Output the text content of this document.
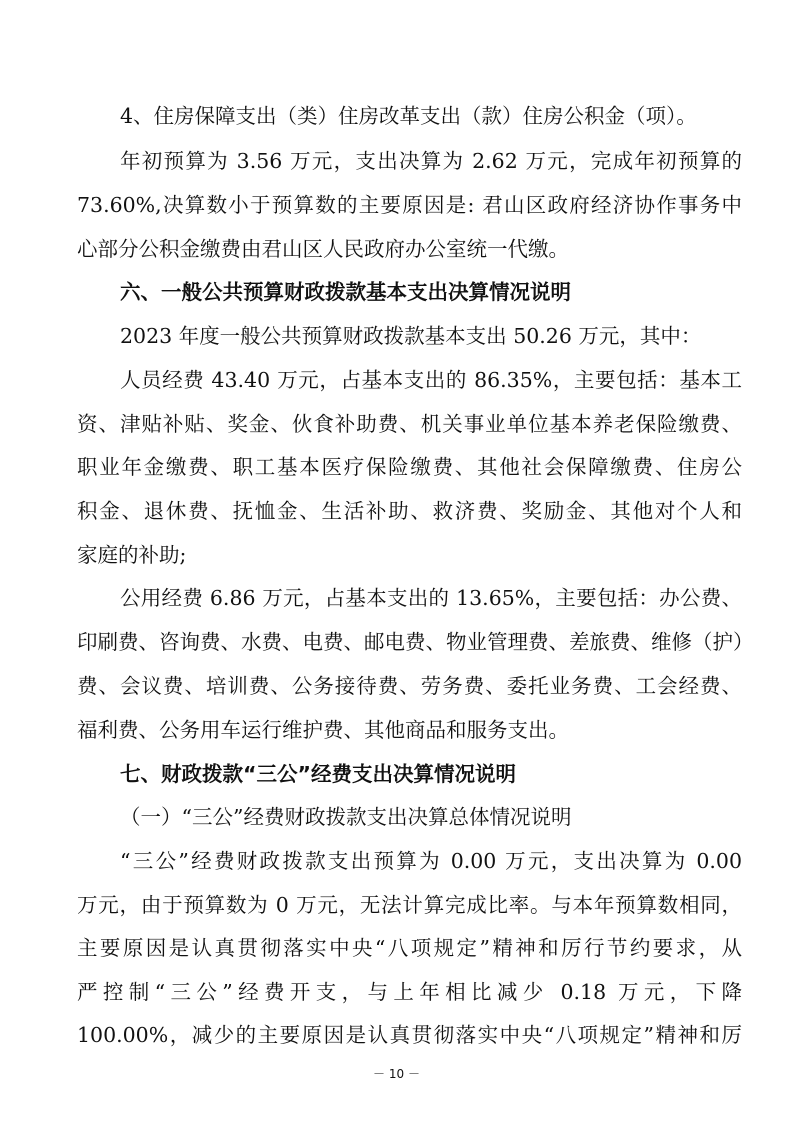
4、住房保障支出（类）住房改革支出（款）住房公积金（项）。
年初预算为 3.56 万元，支出决算为 2.62 万元，完成年初预算的
73.60%,决算数小于预算数的主要原因是: 君山区政府经济协作事务中
心部分公积金缴费由君山区人民政府办公室统一代缴。
六、一般公共预算财政拨款基本支出决算情况说明
2023 年度一般公共预算财政拨款基本支出 50.26 万元，其中：
人员经费 43.40 万元，占基本支出的 86.35%，主要包括：基本工
资、津贴补贴、奖金、伙食补助费、机关事业单位基本养老保险缴费、
职业年金缴费、职工基本医疗保险缴费、其他社会保障缴费、住房公
积金、退休费、抚恤金、生活补助、救济费、奖励金、其他对个人和
家庭的补助;
公用经费 6.86 万元，占基本支出的 13.65%，主要包括：办公费、
印刷费、咨询费、水费、电费、邮电费、物业管理费、差旅费、维修（护）
费、会议费、培训费、公务接待费、劳务费、委托业务费、工会经费、
福利费、公务用车运行维护费、其他商品和服务支出。
七、财政拨款“三公”经费支出决算情况说明
（一）“三公”经费财政拨款支出决算总体情况说明
“三公”经费财政拨款支出预算为 0.00 万元，支出决算为 0.00
万元，由于预算数为 0 万元，无法计算完成比率。与本年预算数相同，
主要原因是认真贯彻落实中央“八项规定”精神和厉行节约要求，从
严控制“三公”经费开支，与上年相比减少 0.18 万元，下降
100.00%，减少的主要原因是认真贯彻落实中央“八项规定”精神和厉
－ 10 －
